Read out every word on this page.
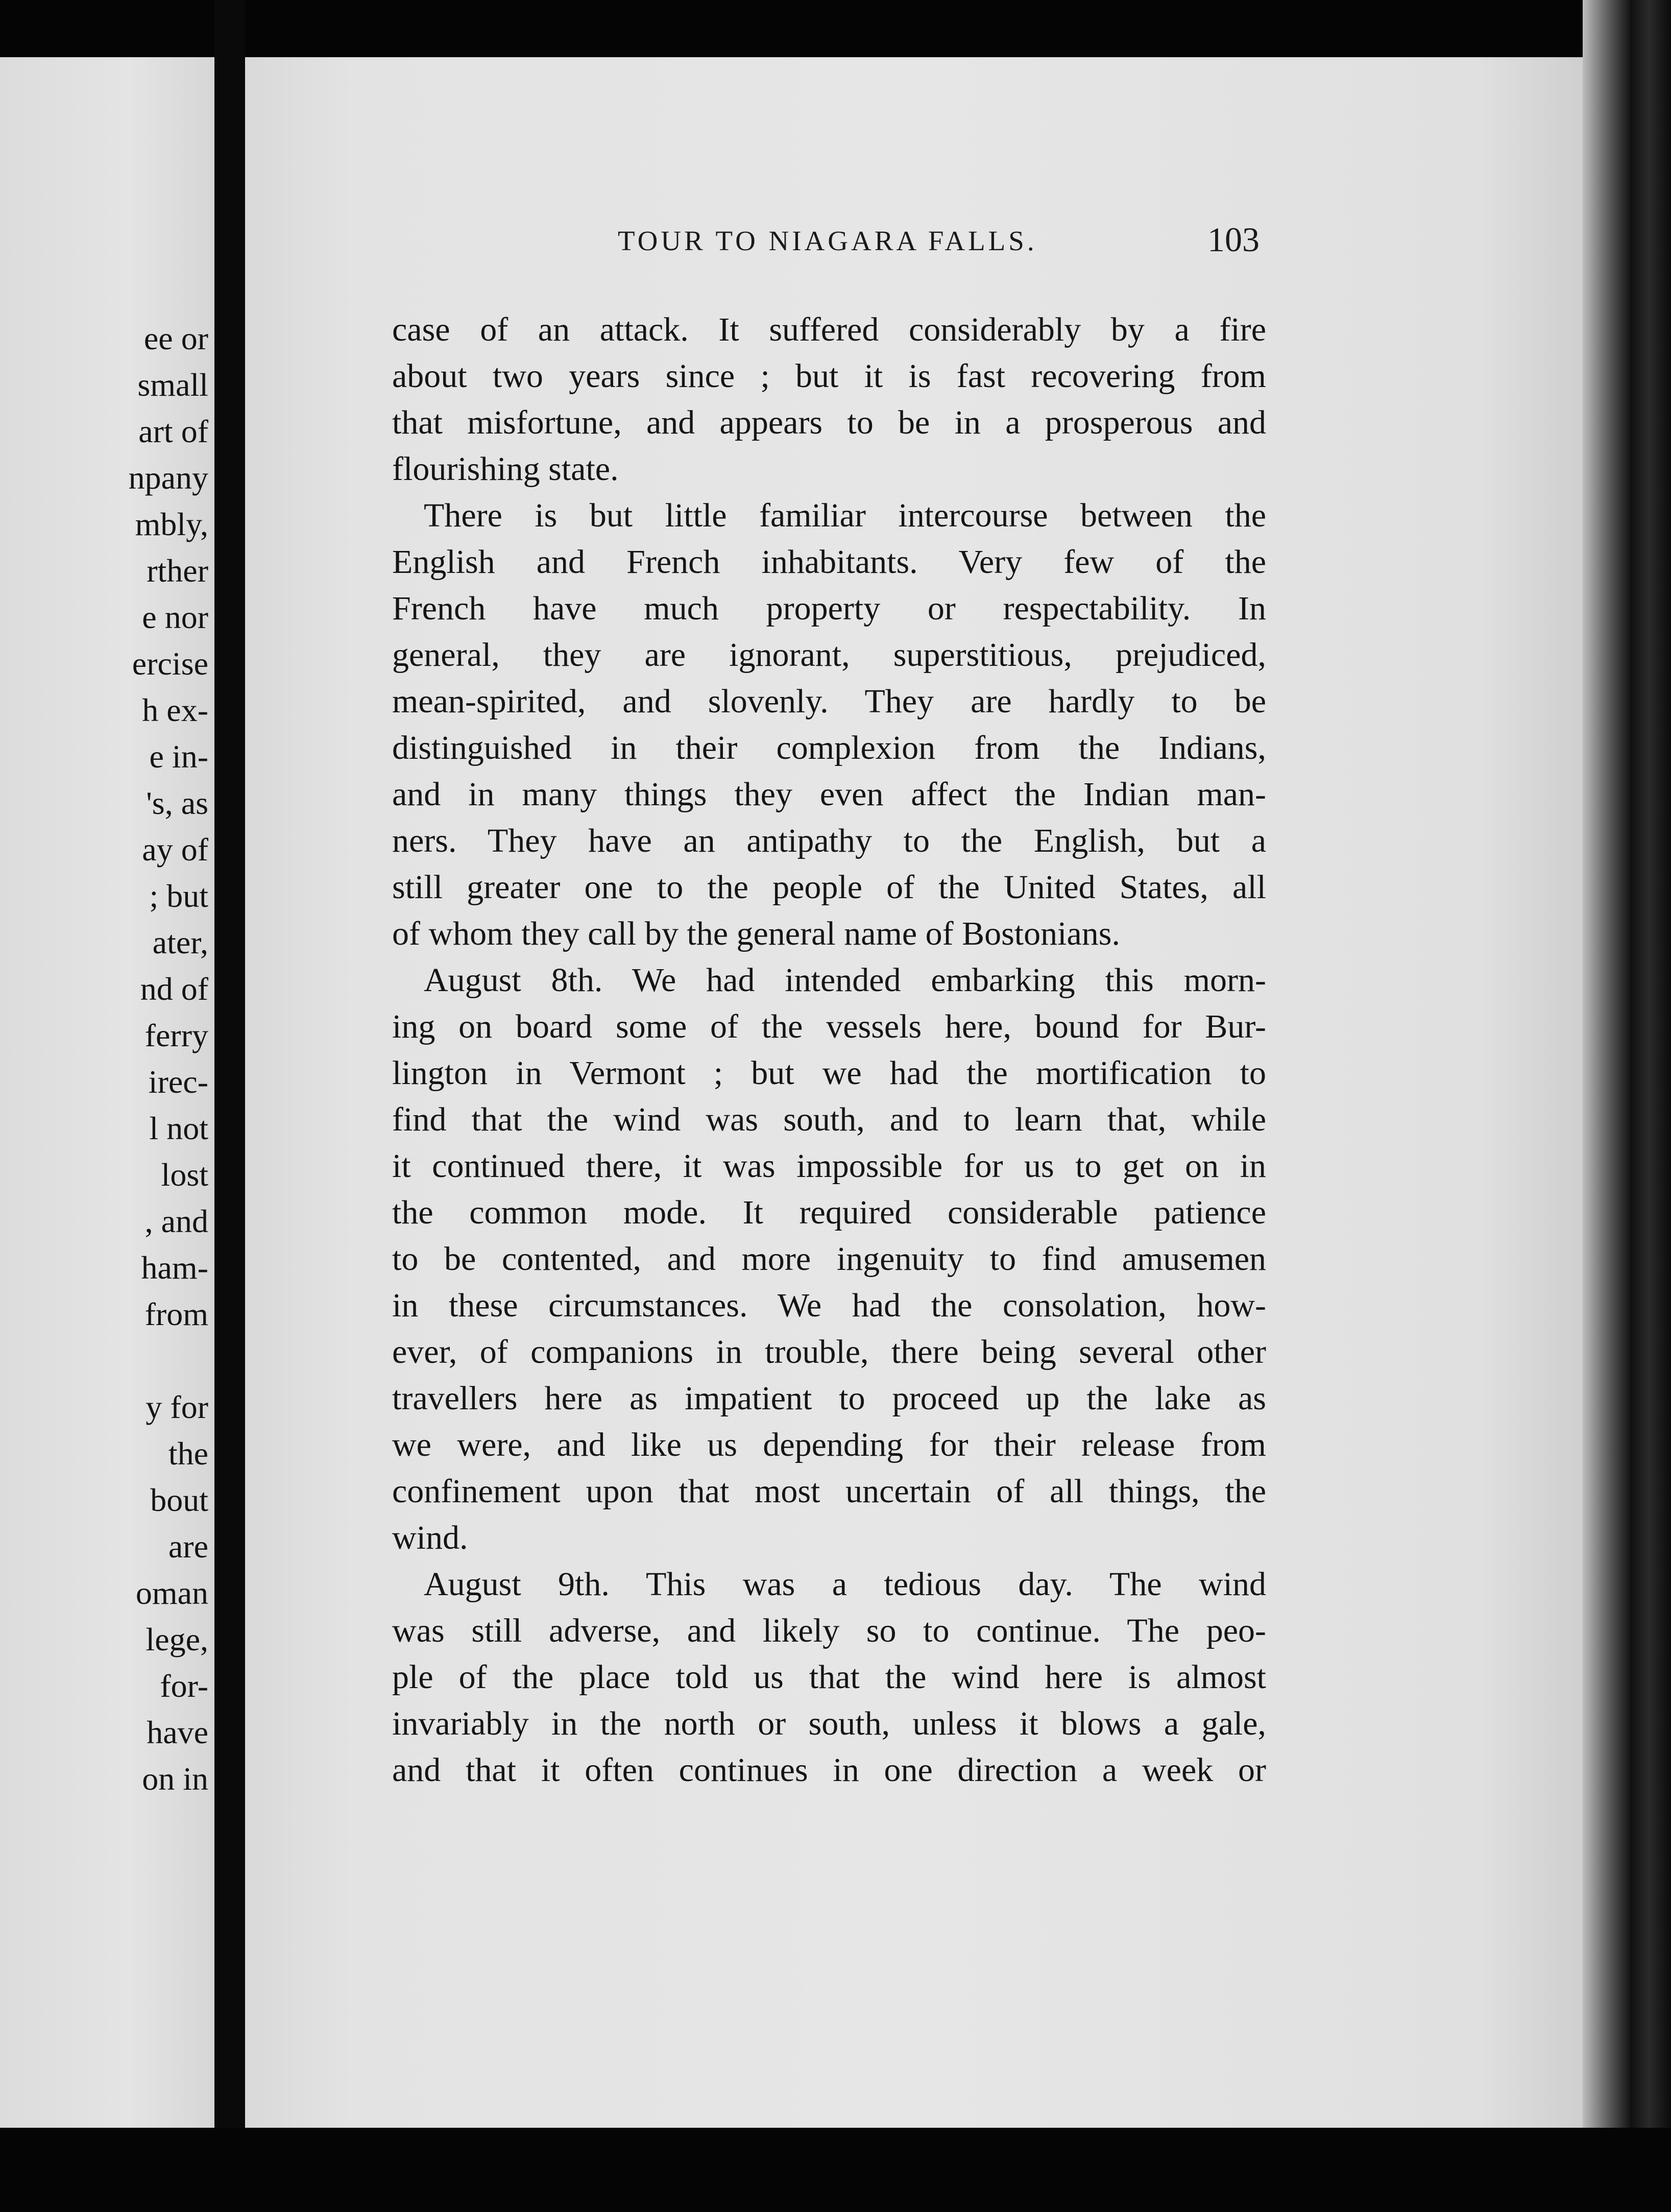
ee or
small
art of
npany
mbly,
rther
e nor
ercise
h ex-
e in-
's, as
ay of
; but
ater,
nd of
ferry
irec-
l not
lost
, and
ham-
from
y for
the
bout
are
oman
lege,
for-
have
on in
TOUR TO NIAGARA FALLS.	103
case of an attack. It suffered considerably by a fire
about two years since ; but it is fast recovering from
that misfortune, and appears to be in a prosperous and
flourishing state.
There is but little familiar intercourse between the
English and French inhabitants. Very few of the
French have much property or respectability. In
general, they are ignorant, superstitious, prejudiced,
mean-spirited, and slovenly. They are hardly to be
distinguished in their complexion from the Indians,
and in many things they even affect the Indian man-
ners. They have an antipathy to the English, but a
still greater one to the people of the United States, all
of whom they call by the general name of Bostonians.
August 8th. We had intended embarking this morn-
ing on board some of the vessels here, bound for Bur-
lington in Vermont ; but we had the mortification to
find that the wind was south, and to learn that, while
it continued there, it was impossible for us to get on in
the common mode. It required considerable patience
to be contented, and more ingenuity to find amusemen
in these circumstances. We had the consolation, how-
ever, of companions in trouble, there being several other
travellers here as impatient to proceed up the lake as
we were, and like us depending for their release from
confinement upon that most uncertain of all things, the
wind.
August 9th. This was a tedious day. The wind
was still adverse, and likely so to continue. The peo-
ple of the place told us that the wind here is almost
invariably in the north or south, unless it blows a gale,
and that it often continues in one direction a week or
